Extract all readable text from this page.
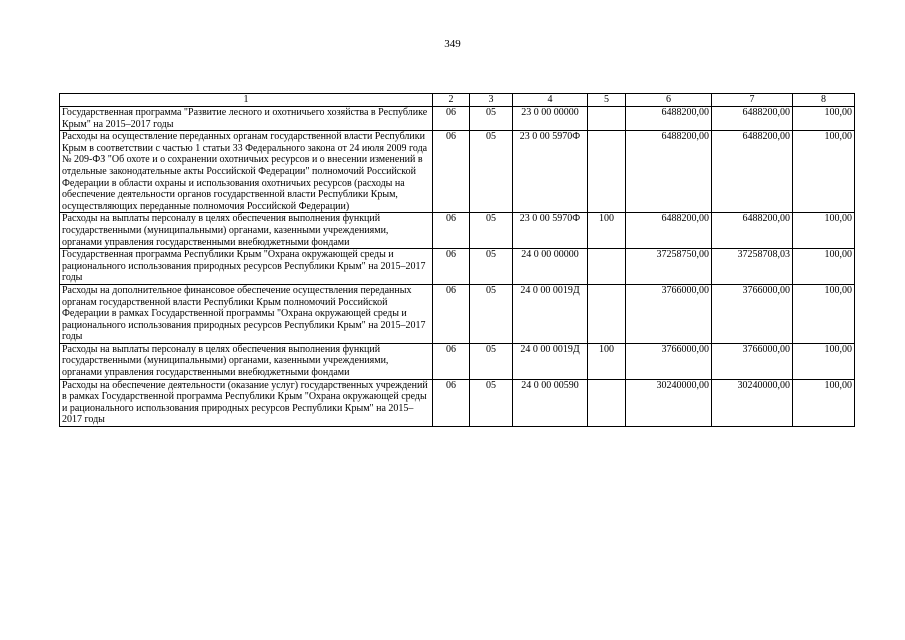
349
1	2	3	4	5	6	7	8
Государственная программа "Развитие лесного и охотничьего хозяйства в Республике Крым" на 2015–2017 годы	06	05	23 0 00 00000		6488200,00	6488200,00	100,00
Расходы на осуществление переданных органам государственной власти Республики Крым в соответствии с частью 1 статьи 33 Федерального закона от 24 июля 2009 года № 209-ФЗ "Об охоте и о сохранении охотничьих ресурсов и о внесении изменений в отдельные законодательные акты Российской Федерации" полномочий Российской Федерации в области охраны и использования охотничьих ресурсов (расходы на обеспечение деятельности органов государственной власти Республики Крым, осуществляющих переданные полномочия Российской Федерации)	06	05	23 0 00 5970Ф		6488200,00	6488200,00	100,00
Расходы на выплаты персоналу в целях обеспечения выполнения функций государственными (муниципальными) органами, казенными учреждениями, органами управления государственными внебюджетными фондами	06	05	23 0 00 5970Ф	100	6488200,00	6488200,00	100,00
Государственная программа Республики Крым "Охрана окружающей среды и рационального использования природных ресурсов Республики Крым" на 2015–2017 годы	06	05	24 0 00 00000		37258750,00	37258708,03	100,00
Расходы на дополнительное финансовое обеспечение осуществления переданных органам государственной власти Республики Крым полномочий Российской Федерации в рамках Государственной программы "Охрана окружающей среды и рационального использования природных ресурсов Республики Крым" на 2015–2017 годы	06	05	24 0 00 0019Д		3766000,00	3766000,00	100,00
Расходы на выплаты персоналу в целях обеспечения выполнения функций государственными (муниципальными) органами, казенными учреждениями, органами управления государственными внебюджетными фондами	06	05	24 0 00 0019Д	100	3766000,00	3766000,00	100,00
Расходы на обеспечение деятельности (оказание услуг) государственных учреждений в рамках Государственной программа Республики Крым "Охрана окружающей среды и рационального использования природных ресурсов Республики Крым" на 2015–2017 годы	06	05	24 0 00 00590		30240000,00	30240000,00	100,00
